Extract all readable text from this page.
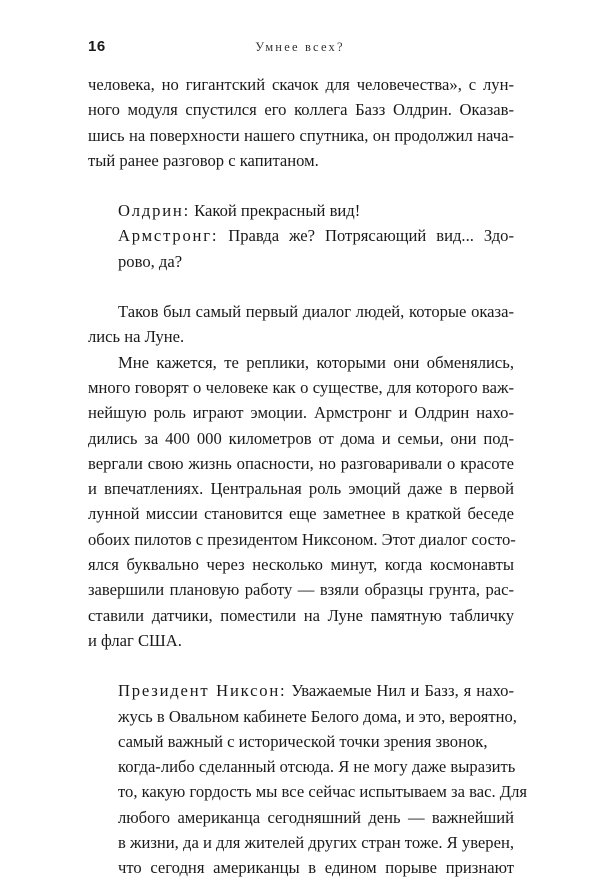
16	Умнее всех?
человека, но гигантский скачок для человечества», с лун-
ного модуля спустился его коллега Базз Олдрин. Оказав-
шись на поверхности нашего спутника, он продолжил начa-
тый ранее разговор с капитаном.
Олдрин: Какой прекрасный вид!
Армстронг: Правда же? Потрясающий вид... Здо-
рово, да?
Таков был самый первый диалог людей, которые оказа-
лись на Луне.
Мне кажется, те реплики, которыми они обменялись,
много говорят о человеке как о существе, для которого важ-
нейшую роль играют эмоции. Армстронг и Олдрин нахо-
дились за 400 000 километров от дома и семьи, они под-
вергали свою жизнь опасности, но разговаривали о красоте
и впечатлениях. Центральная роль эмоций даже в первой
лунной миссии становится еще заметнее в краткой беседе
обоих пилотов с президентом Никсоном. Этот диалог состо-
ялся буквально через несколько минут, когда космонавты
завершили плановую работу — взяли образцы грунта, рас-
ставили датчики, поместили на Луне памятную табличку
и флаг США.
Президент Никсон: Уважаемые Нил и Базз, я нахо-
жусь в Овальном кабинете Белого дома, и это, вероятно,
самый важный с исторической точки зрения звонок,
когда-либо сделанный отсюда. Я не могу даже выразить
то, какую гордость мы все сейчас испытываем за вас. Для
любого американца сегодняшний день — важнейший
в жизни, да и для жителей других стран тоже. Я уверен,
что сегодня американцы в едином порыве признают
